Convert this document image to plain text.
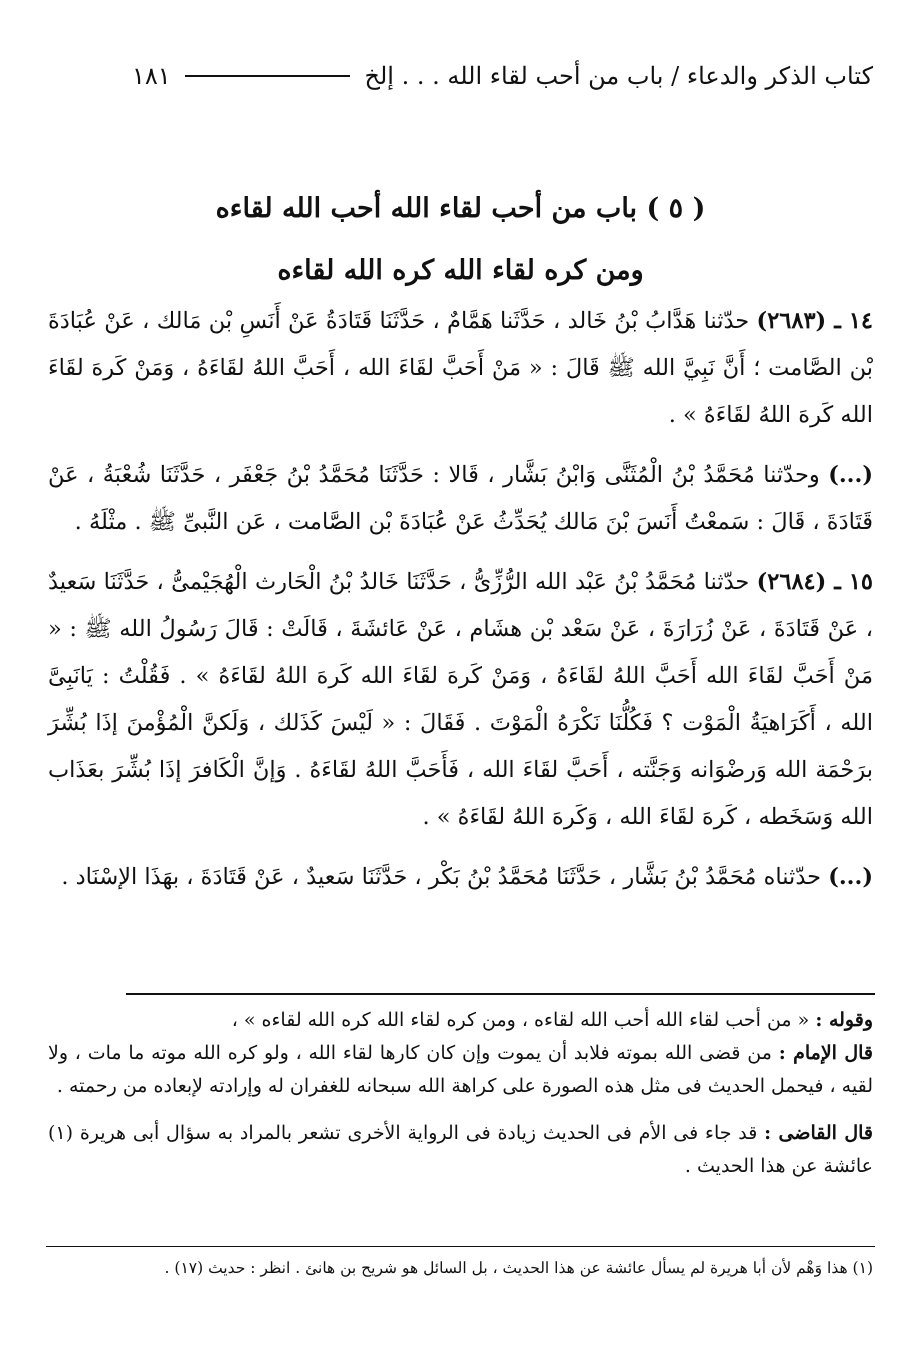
كتاب الذكر والدعاء / باب من أحب لقاء الله . . . إلخ
١٨١
( ٥ ) باب من أحب لقاء الله أحب الله لقاءه
ومن كره لقاء الله كره الله لقاءه

١٤ ـ (٢٦٨٣) حدّثنا هَدَّابُ بْنُ خَالد ، حَدَّثَنا هَمَّامٌ ، حَدَّثَنَا قَتَادَةُ عَنْ أَنَسِ بْن مَالك ، عَنْ عُبَادَةَ بْن الصَّامت ؛ أَنَّ نَبِيَّ الله ﷺ قَالَ : « مَنْ أَحَبَّ لقَاءَ الله ، أَحَبَّ اللهُ لقَاءَهُ ، وَمَنْ كَرهَ لقَاءَ الله كَرهَ اللهُ لقَاءَهُ » .

(...) وحدّثنا مُحَمَّدُ بْنُ الْمُثَنَّى وَابْنُ بَشَّار ، قَالا : حَدَّثَنَا مُحَمَّدُ بْنُ جَعْفَر ، حَدَّثَنَا شُعْبَةُ ، عَنْ قَتَادَةَ ، قَالَ : سَمعْتُ أَنَسَ بْنَ مَالك يُحَدِّثُ عَنْ عُبَادَةَ بْن الصَّامت ، عَن النَّبىِّ ﷺ . مثْلَهُ .

١٥ ـ (٢٦٨٤) حدّثنا مُحَمَّدُ بْنُ عَبْد الله الرُّزِّىُّ ، حَدَّثَنَا خَالدُ بْنُ الْحَارث الْهُجَيْمىُّ ، حَدَّثَنَا سَعيدٌ ، عَنْ قَتَادَةَ ، عَنْ زُرَارَةَ ، عَنْ سَعْد بْن هشَام ، عَنْ عَائشَةَ ، قَالَتْ : قَالَ رَسُولُ الله ﷺ : « مَنْ أَحَبَّ لقَاءَ الله أَحَبَّ اللهُ لقَاءَهُ ، وَمَنْ كَرهَ لقَاءَ الله كَرهَ اللهُ لقَاءَهُ » . فَقُلْتُ : يَانَبِىَّ الله ، أَكَرَاهيَةُ الْمَوْت ؟ فَكُلُّنَا نَكْرَهُ الْمَوْتَ . فَقَالَ : « لَيْسَ كَذَلك ، وَلَكنَّ الْمُؤْمنَ إذَا بُشِّرَ برَحْمَة الله وَرضْوَانه وَجَنَّته ، أَحَبَّ لقَاءَ الله ، فَأَحَبَّ اللهُ لقَاءَهُ . وَإنَّ الْكَافرَ إذَا بُشِّرَ بعَذَاب الله وَسَخَطه ، كَرهَ لقَاءَ الله ، وَكَرهَ اللهُ لقَاءَهُ » .

(...) حدّثناه مُحَمَّدُ بْنُ بَشَّار ، حَدَّثَنَا مُحَمَّدُ بْنُ بَكْر ، حَدَّثَنَا سَعيدٌ ، عَنْ قَتَادَةَ ، بهَذَا الإسْنَاد .

وقوله : « من أحب لقاء الله أحب الله لقاءه ، ومن كره لقاء الله كره الله لقاءه » ،

قال الإمام : من قضى الله بموته فلابد أن يموت وإن كان كارها لقاء الله ، ولو كره الله موته ما مات ، ولا لقيه ، فيحمل الحديث فى مثل هذه الصورة على كراهة الله سبحانه للغفران له وإرادته لإبعاده من رحمته .

قال القاضى : قد جاء فى الأم فى الحديث زيادة فى الرواية الأخرى تشعر بالمراد به سؤال أبى هريرة (١) عائشة عن هذا الحديث .

(١) هذا وَهْم لأن أبا هريرة لم يسأل عائشة عن هذا الحديث ، بل السائل هو شريح بن هانئ . انظر : حديث (١٧) .
